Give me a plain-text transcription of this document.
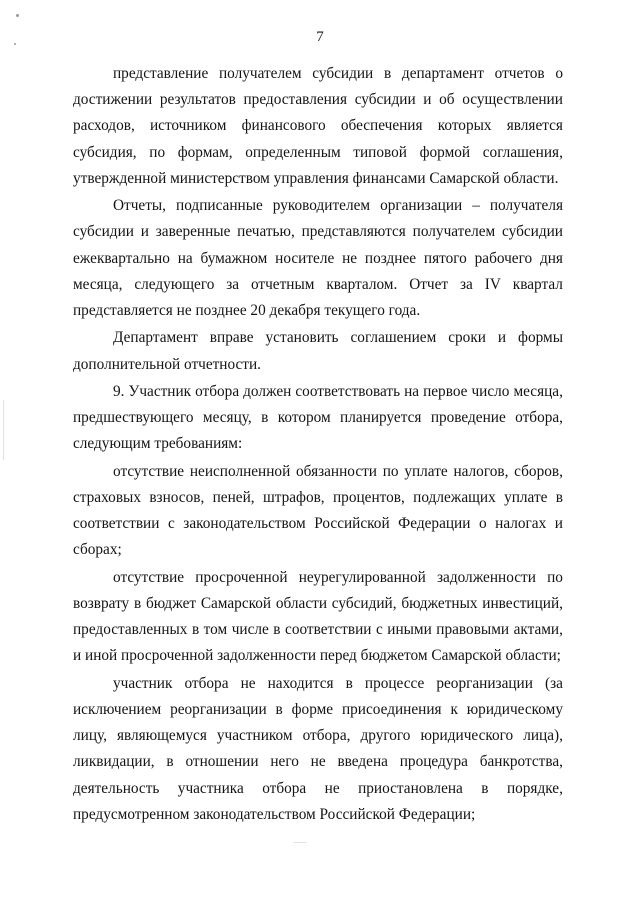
7
представление получателем субсидии в департамент отчетов о
достижении результатов предоставления субсидии и об осуществлении
расходов, источником финансового обеспечения которых является
субсидия, по формам, определенным типовой формой соглашения,
утвержденной министерством управления финансами Самарской области.
Отчеты, подписанные руководителем организации – получателя
субсидии и заверенные печатью, представляются получателем субсидии
ежеквартально на бумажном носителе не позднее пятого рабочего дня
месяца, следующего за отчетным кварталом. Отчет за IV квартал
представляется не позднее 20 декабря текущего года.
Департамент вправе установить соглашением сроки и формы
дополнительной отчетности.
9. Участник отбора должен соответствовать на первое число месяца,
предшествующего месяцу, в котором планируется проведение отбора,
следующим требованиям:
отсутствие неисполненной обязанности по уплате налогов, сборов,
страховых взносов, пеней, штрафов, процентов, подлежащих уплате в
соответствии с законодательством Российской Федерации о налогах и
сборах;
отсутствие просроченной неурегулированной задолженности по
возврату в бюджет Самарской области субсидий, бюджетных инвестиций,
предоставленных в том числе в соответствии с иными правовыми актами,
и иной просроченной задолженности перед бюджетом Самарской области;
участник отбора не находится в процессе реорганизации (за
исключением реорганизации в форме присоединения к юридическому
лицу, являющемуся участником отбора, другого юридического лица),
ликвидации, в отношении него не введена процедура банкротства,
деятельность участника отбора не приостановлена в порядке,
предусмотренном законодательством Российской Федерации;
